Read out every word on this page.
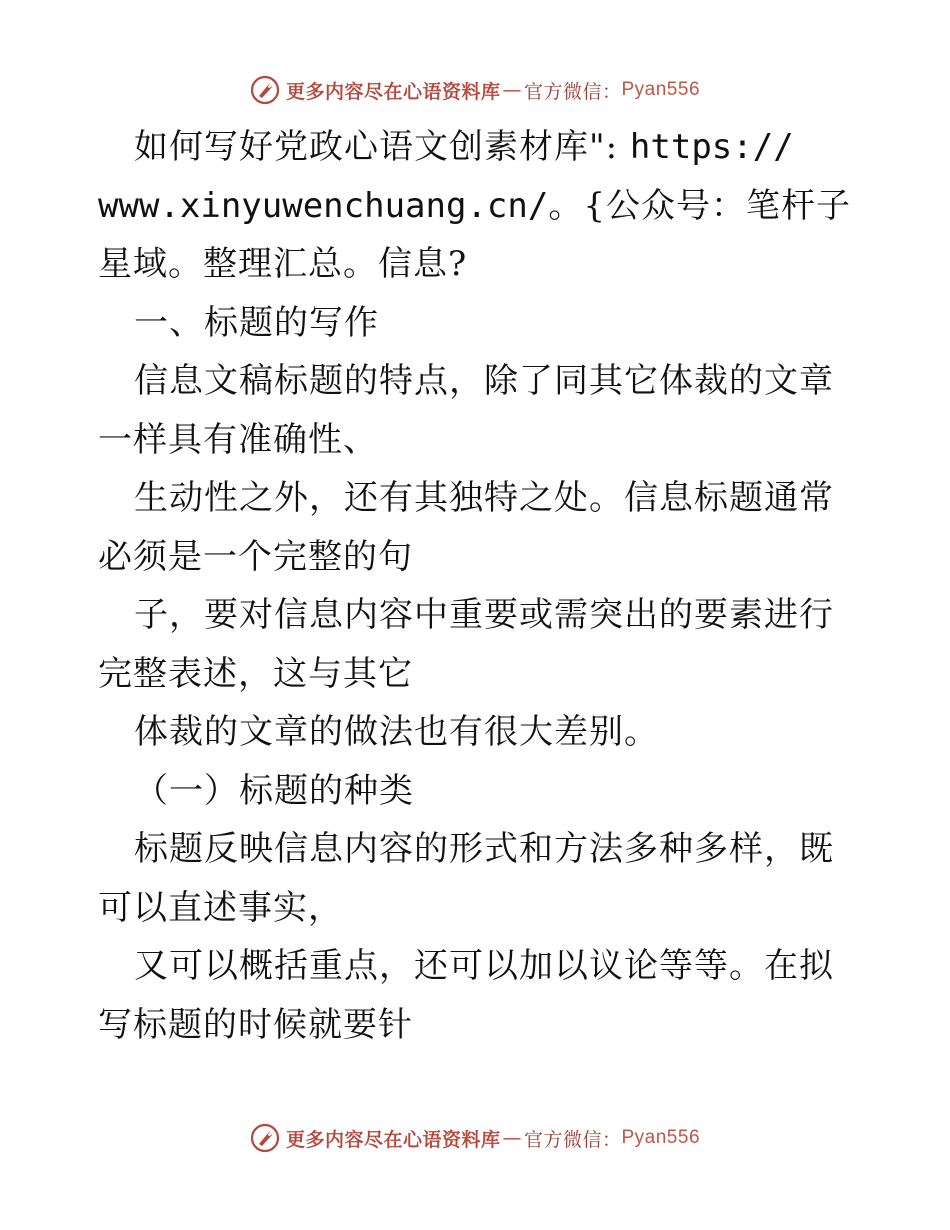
更多内容尽在心语资料库 — 官方微信： Pyan556

如何写好党政心语文创素材库": https://
www.xinyuwenchuang.cn/。{公众号：笔杆子星域。整理汇总。信息?

一、标题的写作

信息文稿标题的特点，除了同其它体裁的文章一样具有准确性、

生动性之外，还有其独特之处。信息标题通常必须是一个完整的句

子，要对信息内容中重要或需突出的要素进行完整表述，这与其它

体裁的文章的做法也有很大差别。

（一）标题的种类

标题反映信息内容的形式和方法多种多样，既可以直述事实，

又可以概括重点，还可以加以议论等等。在拟写标题的时候就要针

更多内容尽在心语资料库 — 官方微信： Pyan556
